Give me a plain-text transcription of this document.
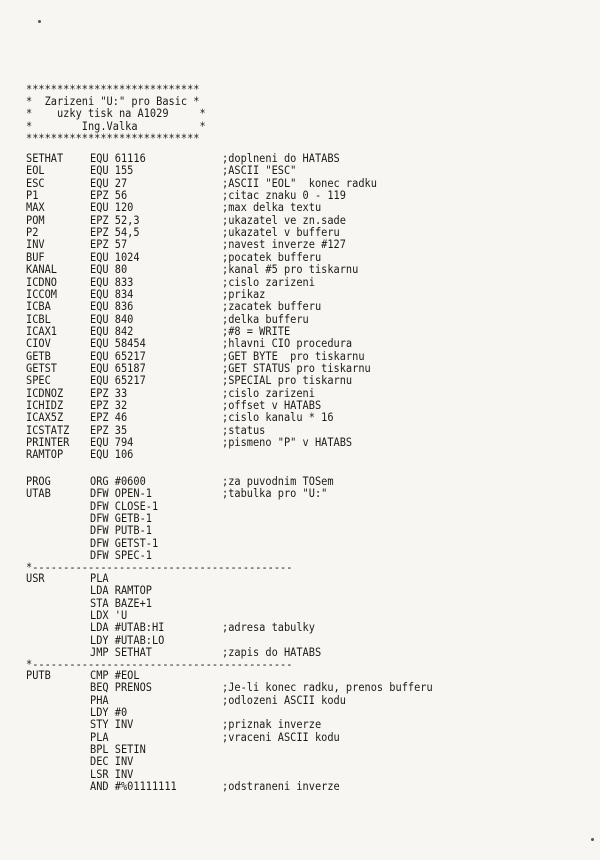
****************************
*  Zarizeni "U:" pro Basic *
*    uzky tisk na A1029     *
*        Ing.Valka          *
****************************
SETHAT EQU 61116	;doplneni do HATABS
EOL	EQU 155	;ASCII "ESC"
ESC	EQU 27	;ASCII "EOL"  konec radku
P1	EPZ 56	;citac znaku 0 - 119
MAX	EQU 120	;max delka textu
POM	EPZ 52,3	;ukazatel ve zn.sade
P2	EPZ 54,5	;ukazatel v bufferu
INV	EPZ 57	;navest inverze #127
BUF	EQU 1024	;pocatek bufferu
KANAL	EQU 80	;kanal #5 pro tiskarnu
ICDNO	EQU 833	;cislo zarizeni
ICCOM	EQU 834	;prikaz
ICBA	EQU 836	;zacatek bufferu
ICBL	EQU 840	;delka bufferu
ICAX1	EQU 842	;#8 = WRITE
CIOV	EQU 58454	;hlavni CIO procedura
GETB	EQU 65217	;GET BYTE  pro tiskarnu
GETST	EQU 65187	;GET STATUS pro tiskarnu
SPEC	EQU 65217	;SPECIAL pro tiskarnu
ICDNOZ EPZ 33	;cislo zarizeni
ICHIDZ EPZ 32	;offset v HATABS
ICAX5Z EPZ 46	;cislo kanalu * 16
ICSTATZ EPZ 35	;status
PRINTER EQU 794	;pismeno "P" v HATABS
RAMTOP EQU 106
PROG	ORG #0600	;za puvodnim TOSem
UTAB	DFW OPEN-1	;tabulka pro "U:"
DFW CLOSE-1
DFW GETB-1
DFW PUTB-1
DFW GETST-1
DFW SPEC-1
*------------------------------------------
USR	PLA
LDA RAMTOP
STA BAZE+1
LDX 'U
LDA #UTAB:HI	;adresa tabulky
LDY #UTAB:LO
JMP SETHAT	;zapis do HATABS
*------------------------------------------
PUTB	CMP #EOL
BEQ PRENOS	;Je-li konec radku, prenos bufferu
PHA	;odlozeni ASCII kodu
LDY #0
STY INV	;priznak inverze
PLA	;vraceni ASCII kodu
BPL SETIN
DEC INV
LSR INV
AND #%01111111	;odstraneni inverze
